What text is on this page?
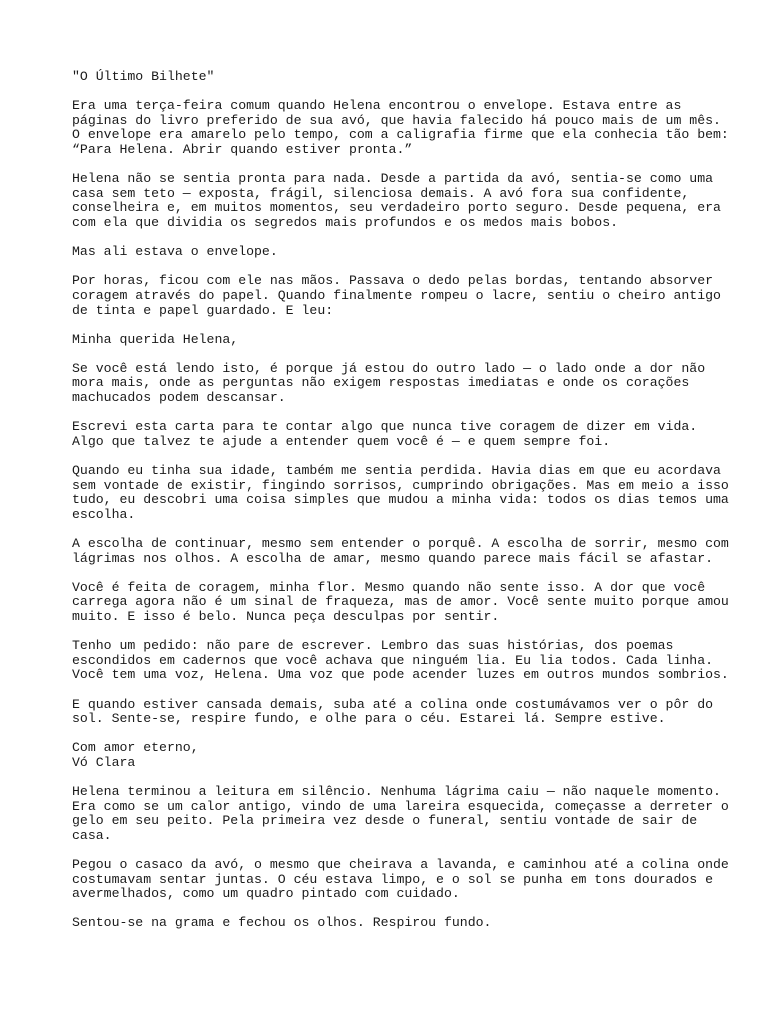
"O Último Bilhete"
Era uma terça-feira comum quando Helena encontrou o envelope. Estava entre as
páginas do livro preferido de sua avó, que havia falecido há pouco mais de um mês.
O envelope era amarelo pelo tempo, com a caligrafia firme que ela conhecia tão bem:
“Para Helena. Abrir quando estiver pronta.”
Helena não se sentia pronta para nada. Desde a partida da avó, sentia-se como uma
casa sem teto — exposta, frágil, silenciosa demais. A avó fora sua confidente,
conselheira e, em muitos momentos, seu verdadeiro porto seguro. Desde pequena, era
com ela que dividia os segredos mais profundos e os medos mais bobos.
Mas ali estava o envelope.
Por horas, ficou com ele nas mãos. Passava o dedo pelas bordas, tentando absorver
coragem através do papel. Quando finalmente rompeu o lacre, sentiu o cheiro antigo
de tinta e papel guardado. E leu:
Minha querida Helena,
Se você está lendo isto, é porque já estou do outro lado — o lado onde a dor não
mora mais, onde as perguntas não exigem respostas imediatas e onde os corações
machucados podem descansar.
Escrevi esta carta para te contar algo que nunca tive coragem de dizer em vida.
Algo que talvez te ajude a entender quem você é — e quem sempre foi.
Quando eu tinha sua idade, também me sentia perdida. Havia dias em que eu acordava
sem vontade de existir, fingindo sorrisos, cumprindo obrigações. Mas em meio a isso
tudo, eu descobri uma coisa simples que mudou a minha vida: todos os dias temos uma
escolha.
A escolha de continuar, mesmo sem entender o porquê. A escolha de sorrir, mesmo com
lágrimas nos olhos. A escolha de amar, mesmo quando parece mais fácil se afastar.
Você é feita de coragem, minha flor. Mesmo quando não sente isso. A dor que você
carrega agora não é um sinal de fraqueza, mas de amor. Você sente muito porque amou
muito. E isso é belo. Nunca peça desculpas por sentir.
Tenho um pedido: não pare de escrever. Lembro das suas histórias, dos poemas
escondidos em cadernos que você achava que ninguém lia. Eu lia todos. Cada linha.
Você tem uma voz, Helena. Uma voz que pode acender luzes em outros mundos sombrios.
E quando estiver cansada demais, suba até a colina onde costumávamos ver o pôr do
sol. Sente-se, respire fundo, e olhe para o céu. Estarei lá. Sempre estive.
Com amor eterno,
Vó Clara
Helena terminou a leitura em silêncio. Nenhuma lágrima caiu — não naquele momento.
Era como se um calor antigo, vindo de uma lareira esquecida, começasse a derreter o
gelo em seu peito. Pela primeira vez desde o funeral, sentiu vontade de sair de
casa.
Pegou o casaco da avó, o mesmo que cheirava a lavanda, e caminhou até a colina onde
costumavam sentar juntas. O céu estava limpo, e o sol se punha em tons dourados e
avermelhados, como um quadro pintado com cuidado.
Sentou-se na grama e fechou os olhos. Respirou fundo.
